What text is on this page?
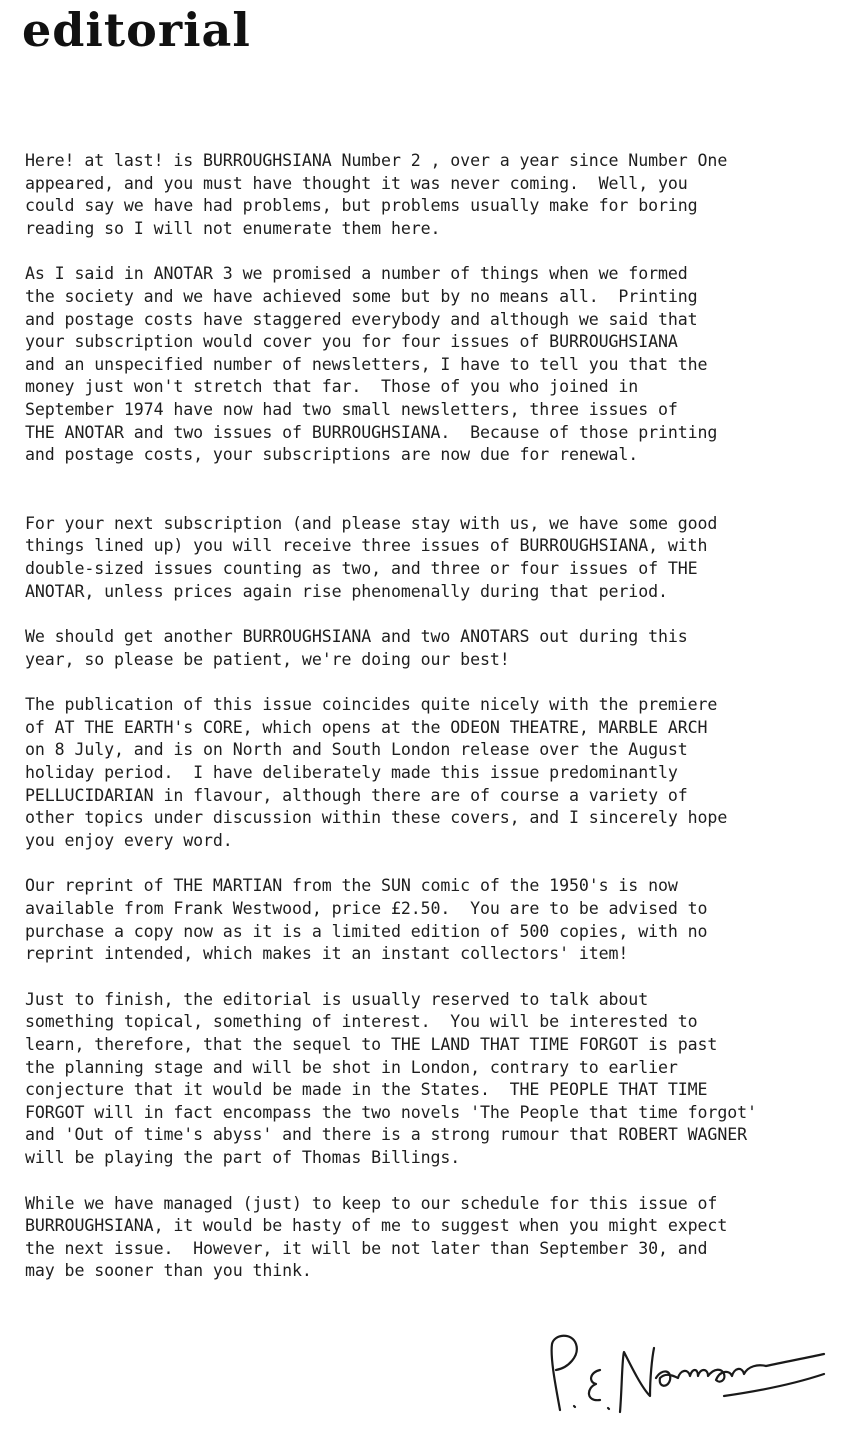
editorial

Here! at last! is BURROUGHSIANA Number 2 , over a year since Number One
appeared, and you must have thought it was never coming.  Well, you
could say we have had problems, but problems usually make for boring
reading so I will not enumerate them here.

As I said in ANOTAR 3 we promised a number of things when we formed
the society and we have achieved some but by no means all.  Printing
and postage costs have staggered everybody and although we said that
your subscription would cover you for four issues of BURROUGHSIANA
and an unspecified number of newsletters, I have to tell you that the
money just won't stretch that far.  Those of you who joined in
September 1974 have now had two small newsletters, three issues of
THE ANOTAR and two issues of BURROUGHSIANA.  Because of those printing
and postage costs, your subscriptions are now due for renewal.

For your next subscription (and please stay with us, we have some good
things lined up) you will receive three issues of BURROUGHSIANA, with
double-sized issues counting as two, and three or four issues of THE
ANOTAR, unless prices again rise phenomenally during that period.

We should get another BURROUGHSIANA and two ANOTARS out during this
year, so please be patient, we're doing our best!

The publication of this issue coincides quite nicely with the premiere
of AT THE EARTH's CORE, which opens at the ODEON THEATRE, MARBLE ARCH
on 8 July, and is on North and South London release over the August
holiday period.  I have deliberately made this issue predominantly
PELLUCIDARIAN in flavour, although there are of course a variety of
other topics under discussion within these covers, and I sincerely hope
you enjoy every word.

Our reprint of THE MARTIAN from the SUN comic of the 1950's is now
available from Frank Westwood, price £2.50.  You are to be advised to
purchase a copy now as it is a limited edition of 500 copies, with no
reprint intended, which makes it an instant collectors' item!

Just to finish, the editorial is usually reserved to talk about
something topical, something of interest.  You will be interested to
learn, therefore, that the sequel to THE LAND THAT TIME FORGOT is past
the planning stage and will be shot in London, contrary to earlier
conjecture that it would be made in the States.  THE PEOPLE THAT TIME
FORGOT will in fact encompass the two novels 'The People that time forgot'
and 'Out of time's abyss' and there is a strong rumour that ROBERT WAGNER
will be playing the part of Thomas Billings.

While we have managed (just) to keep to our schedule for this issue of
BURROUGHSIANA, it would be hasty of me to suggest when you might expect
the next issue.  However, it will be not later than September 30, and
may be sooner than you think.
